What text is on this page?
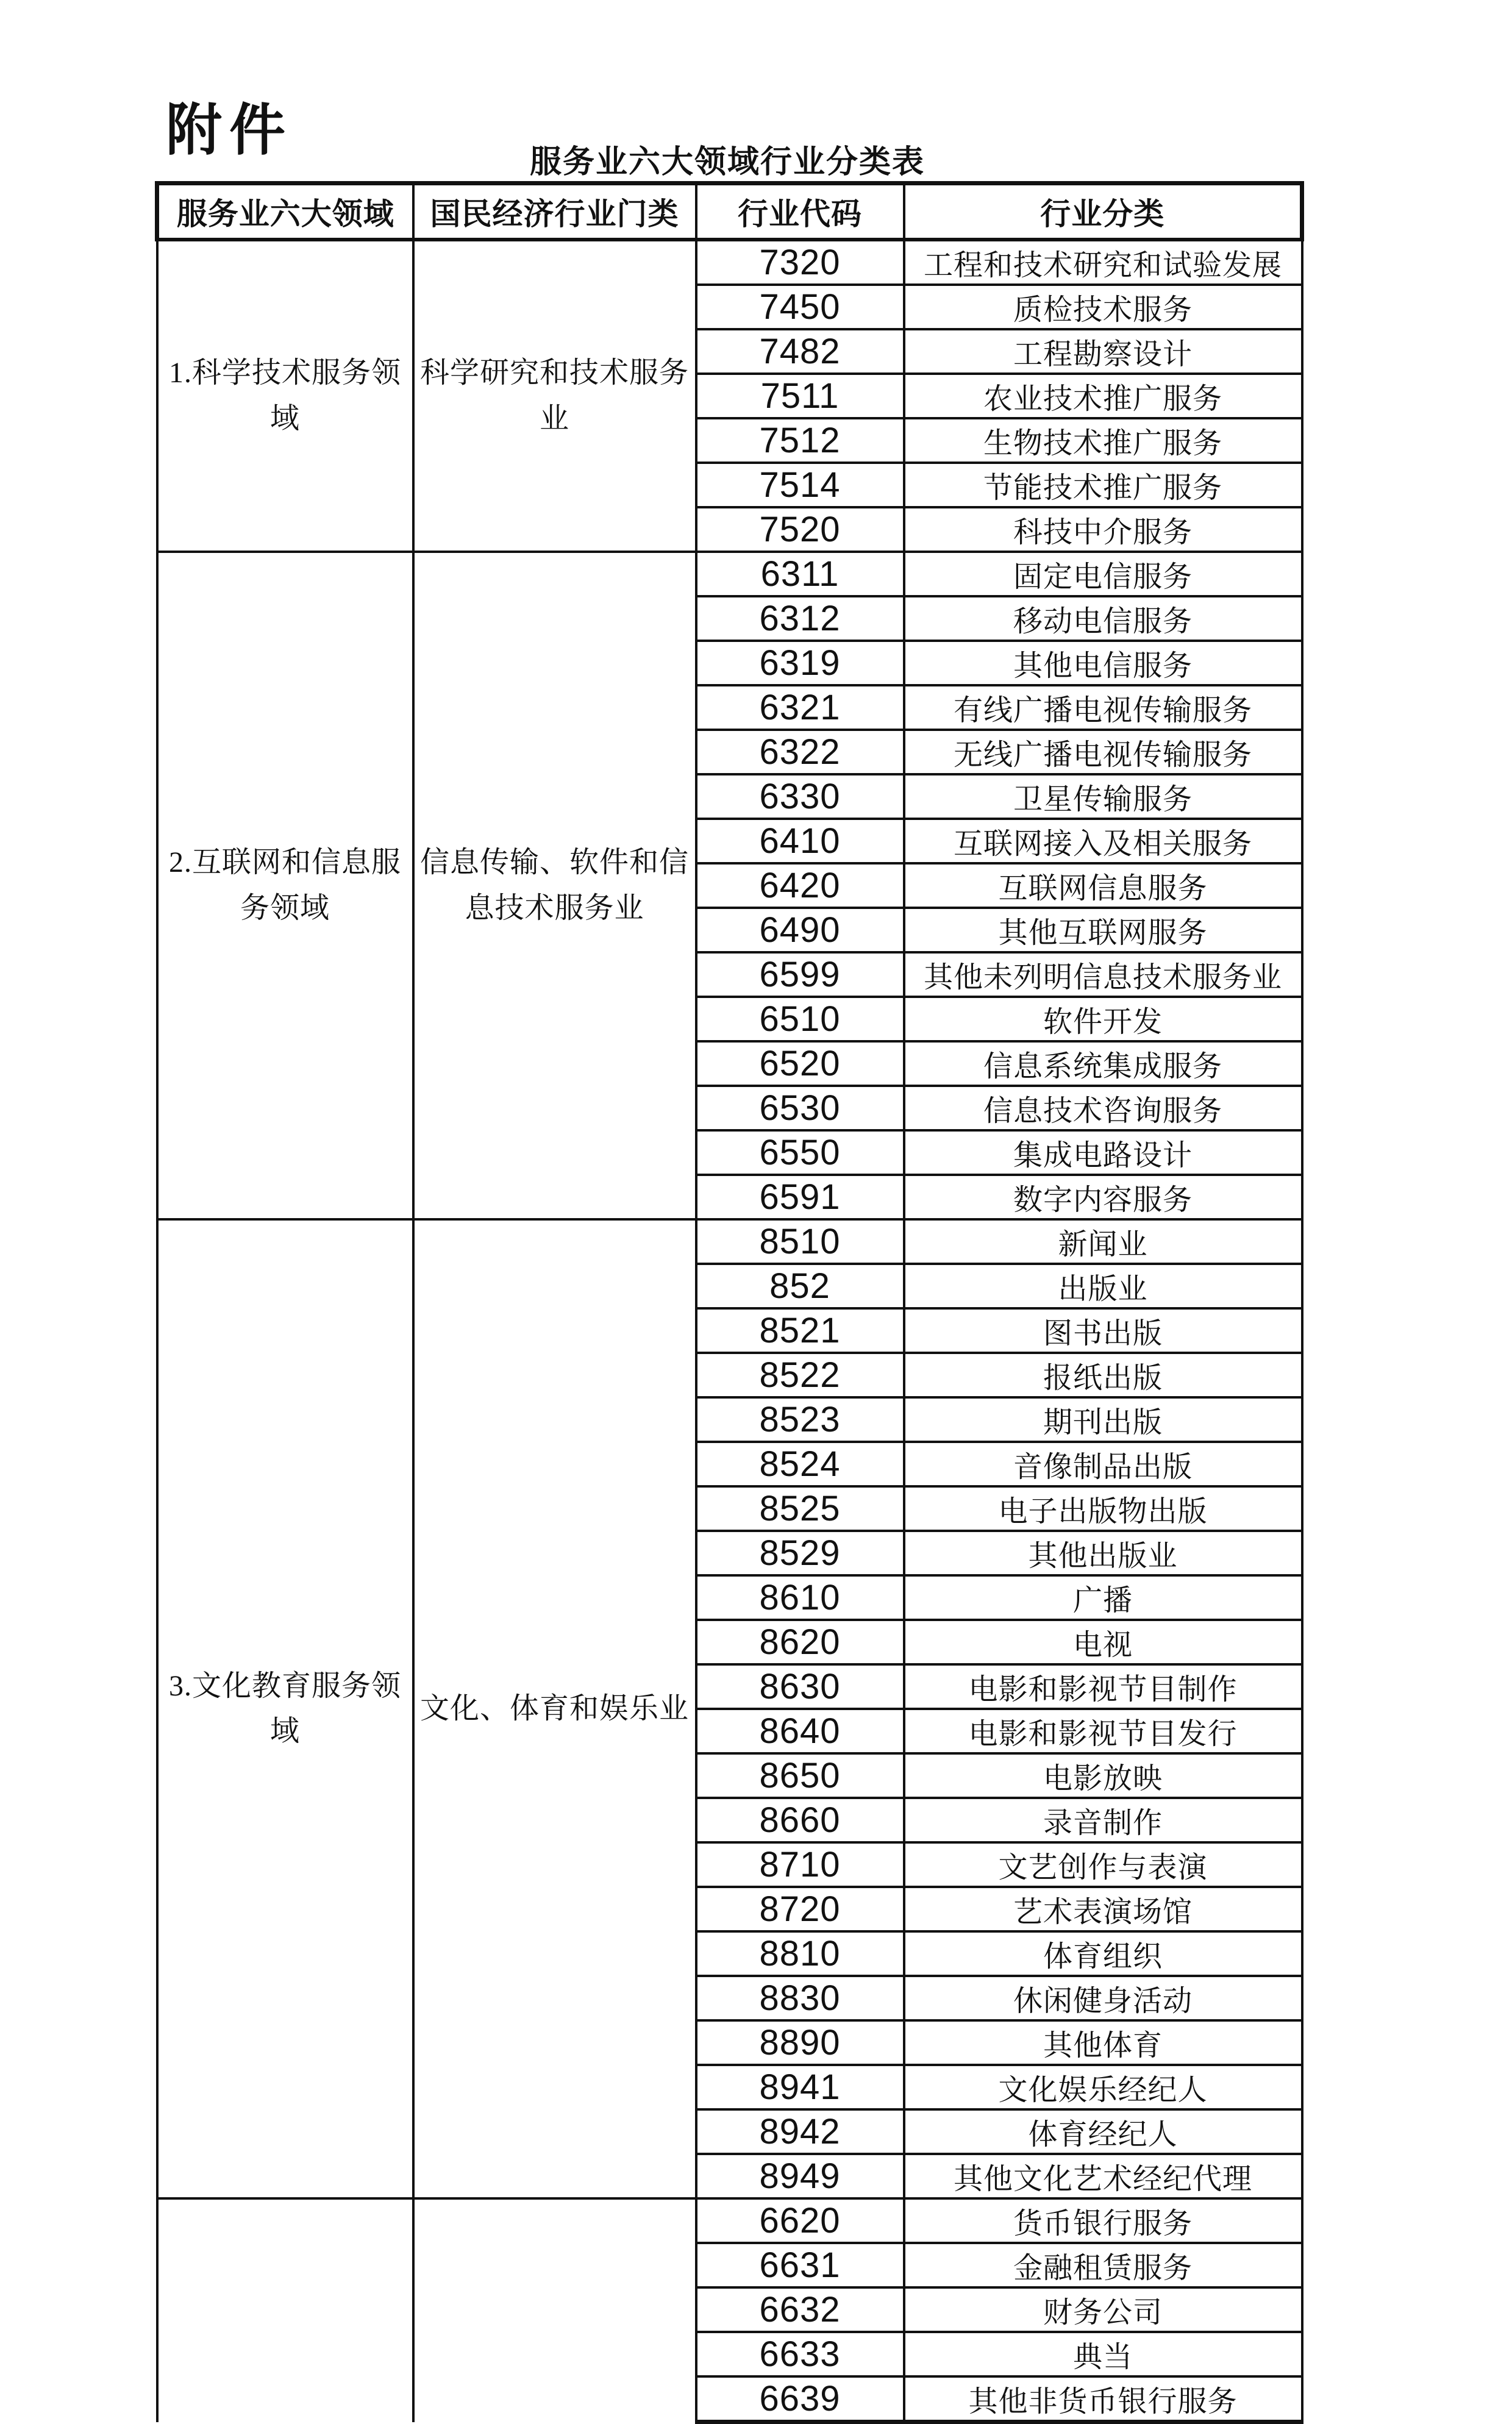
附件
服务业六大领域行业分类表
服务业六大领域	国民经济行业门类	行业代码	行业分类
1.科学技术服务领域	科学研究和技术服务业	7320	工程和技术研究和试验发展
		7450	质检技术服务
		7482	工程勘察设计
		7511	农业技术推广服务
		7512	生物技术推广服务
		7514	节能技术推广服务
		7520	科技中介服务
2.互联网和信息服务领域	信息传输、软件和信息技术服务业	6311	固定电信服务
		6312	移动电信服务
		6319	其他电信服务
		6321	有线广播电视传输服务
		6322	无线广播电视传输服务
		6330	卫星传输服务
		6410	互联网接入及相关服务
		6420	互联网信息服务
		6490	其他互联网服务
		6599	其他未列明信息技术服务业
		6510	软件开发
		6520	信息系统集成服务
		6530	信息技术咨询服务
		6550	集成电路设计
		6591	数字内容服务
3.文化教育服务领域	文化、体育和娱乐业	8510	新闻业
		852	出版业
		8521	图书出版
		8522	报纸出版
		8523	期刊出版
		8524	音像制品出版
		8525	电子出版物出版
		8529	其他出版业
		8610	广播
		8620	电视
		8630	电影和影视节目制作
		8640	电影和影视节目发行
		8650	电影放映
		8660	录音制作
		8710	文艺创作与表演
		8720	艺术表演场馆
		8810	体育组织
		8830	休闲健身活动
		8890	其他体育
		8941	文化娱乐经纪人
		8942	体育经纪人
		8949	其他文化艺术经纪代理
		6620	货币银行服务
		6631	金融租赁服务
		6632	财务公司
		6633	典当
		6639	其他非货币银行服务
